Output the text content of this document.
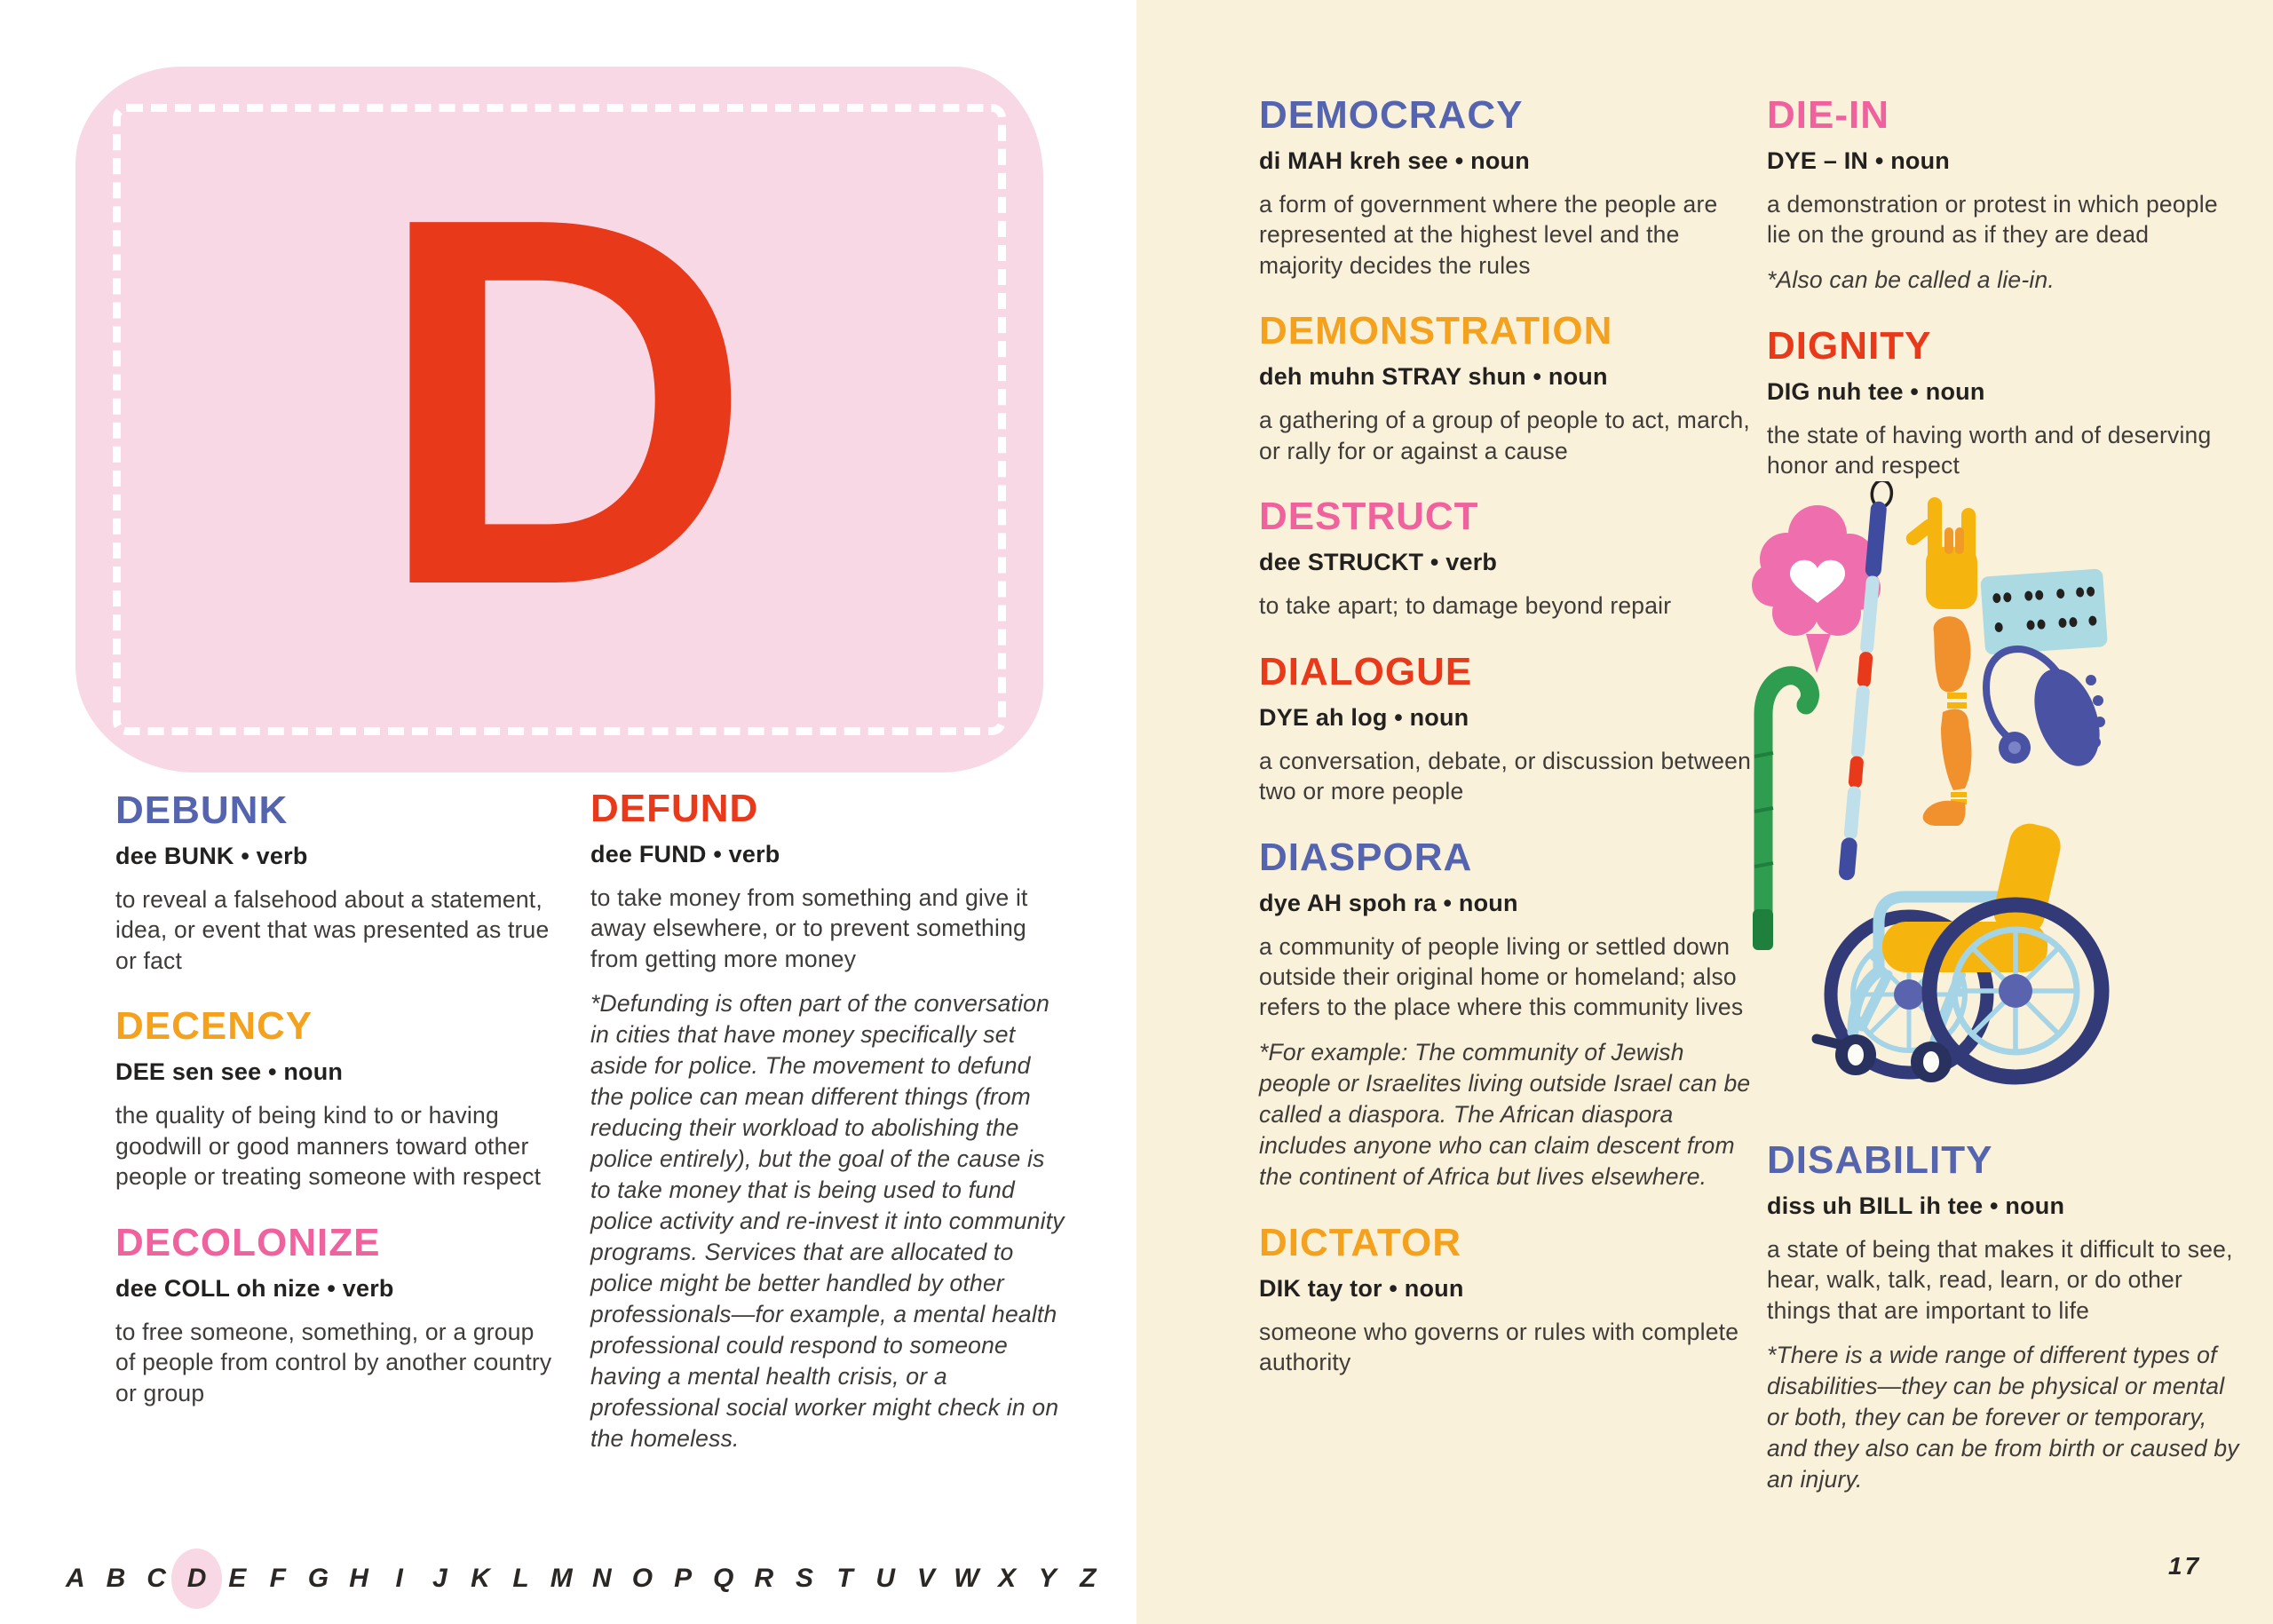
D
DEBUNK

dee BUNK • verb

to reveal a falsehood about a statement, idea, or event that was presented as true or fact

DECENCY

DEE sen see • noun

the quality of being kind to or having goodwill or good manners toward other people or treating someone with respect

DECOLONIZE

dee COLL oh nize • verb

to free someone, something, or a group of people from control by another country or group

DEFUND

dee FUND • verb

to take money from something and give it away elsewhere, or to prevent something from getting more money

*Defunding is often part of the conversation in cities that have money specifically set aside for police. The movement to defund the police can mean different things (from reducing their workload to abolishing the police entirely), but the goal of the cause is to take money that is being used to fund police activity and re-invest it into community programs. Services that are allocated to police might be better handled by other professionals—for example, a mental health professional could respond to someone having a mental health crisis, or a professional social worker might check in on the homeless.

DEMOCRACY

di MAH kreh see • noun

a form of government where the people are represented at the highest level and the majority decides the rules

DEMONSTRATION

deh muhn STRAY shun • noun

a gathering of a group of people to act, march, or rally for or against a cause

DESTRUCT

dee STRUCKT • verb

to take apart; to damage beyond repair

DIALOGUE

DYE ah log • noun

a conversation, debate, or discussion between two or more people

DIASPORA

dye AH spoh ra • noun

a community of people living or settled down outside their original home or homeland; also refers to the place where this community lives

*For example: The community of Jewish people or Israelites living outside Israel can be called a diaspora. The African diaspora includes anyone who can claim descent from the continent of Africa but lives elsewhere.

DICTATOR

DIK tay tor • noun

someone who governs or rules with complete authority

DIE-IN

DYE – IN • noun

a demonstration or protest in which people lie on the ground as if they are dead

*Also can be called a lie-in.

DIGNITY

DIG nuh tee • noun

the state of having worth and of deserving honor and respect

DISABILITY

diss uh BILL ih tee • noun

a state of being that makes it difficult to see, hear, walk, talk, read, learn, or do other things that are important to life

*There is a wide range of different types of disabilities—they can be physical or mental or both, they can be forever or temporary, and they also can be from birth or caused by an injury.

A B C D E F G H	I	J K L M N O P Q R S T U V W X Y Z	17
